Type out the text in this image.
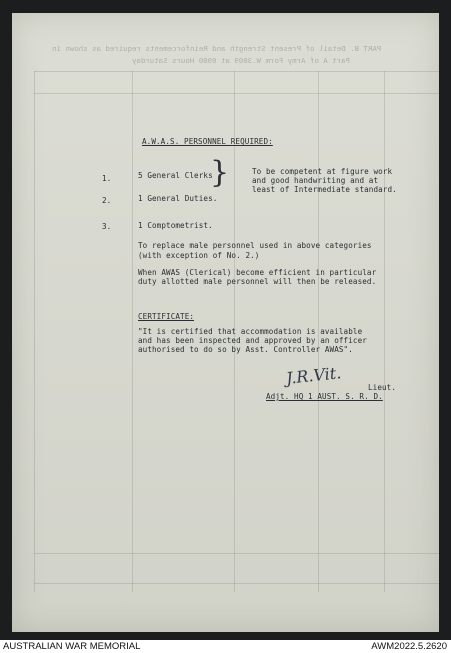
PART B. Detail of Present Strength and Reinforcements required as shown in
Part A of Army Form W.3009 at 0900 Hours Saturday
A.W.A.S. PERSONNEL REQUIRED:
1.	5 General Clerks
2.	1 General Duties.
}	To be competent at figure work
and good handwriting and at
least of Intermediate standard.
3.	1 Comptometrist.
To replace male personnel used in above categories
(with exception of No. 2.)
When AWAS (Clerical) become efficient in particular
duty allotted male personnel will then be released.
CERTIFICATE:
"It is certified that accommodation is available
and has been inspected and approved by an officer
authorised to do so by Asst. Controller AWAS".
J.R.Vit.	Lieut.
Adjt. HQ 1 AUST. S. R. D.
AUSTRALIAN WAR MEMORIAL	AWM2022.5.2620
